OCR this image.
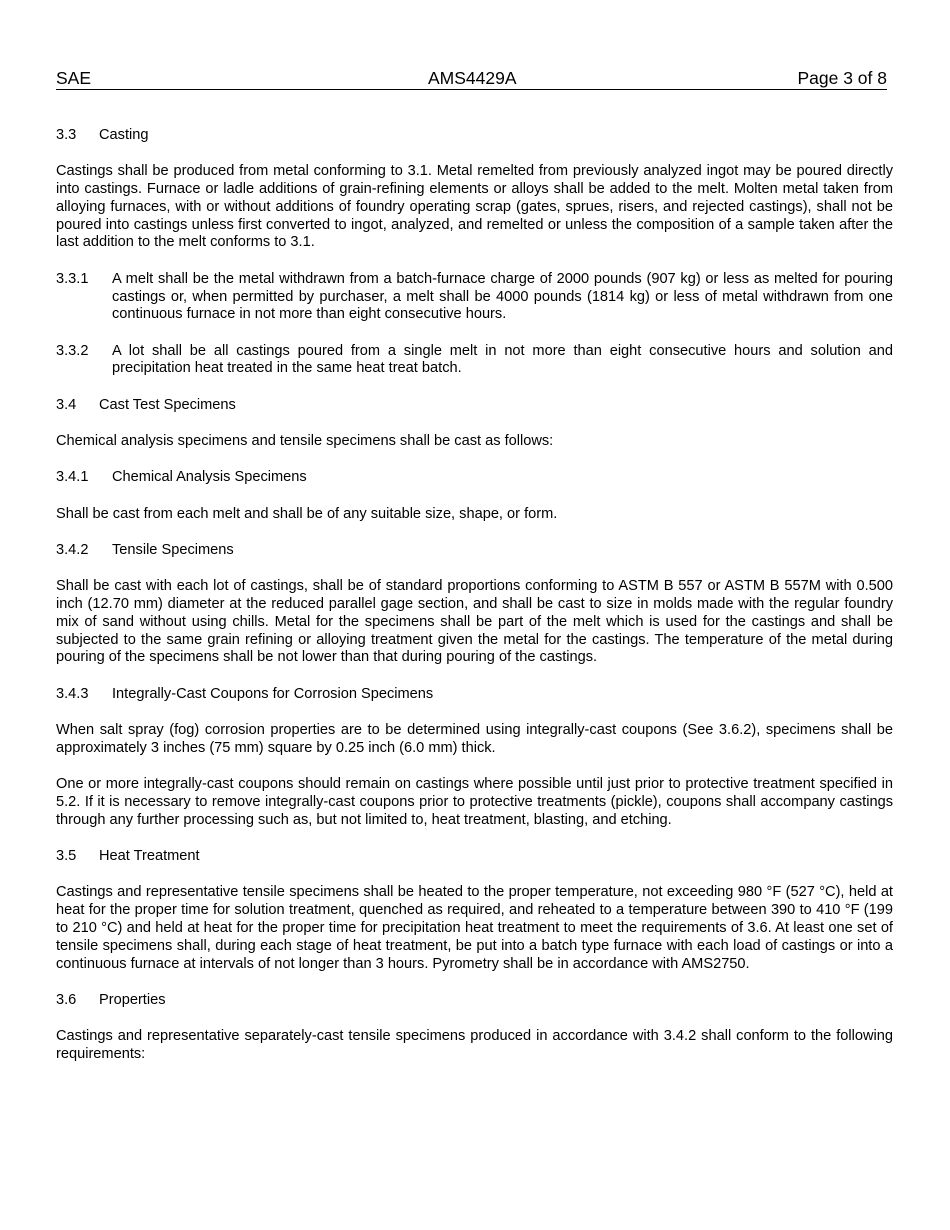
SAE	AMS4429A	Page 3 of 8
3.3	Casting
Castings shall be produced from metal conforming to 3.1. Metal remelted from previously analyzed ingot may be poured directly into castings. Furnace or ladle additions of grain-refining elements or alloys shall be added to the melt. Molten metal taken from alloying furnaces, with or without additions of foundry operating scrap (gates, sprues, risers, and rejected castings), shall not be poured into castings unless first converted to ingot, analyzed, and remelted or unless the composition of a sample taken after the last addition to the melt conforms to 3.1.
3.3.1	A melt shall be the metal withdrawn from a batch-furnace charge of 2000 pounds (907 kg) or less as melted for pouring castings or, when permitted by purchaser, a melt shall be 4000 pounds (1814 kg) or less of metal withdrawn from one continuous furnace in not more than eight consecutive hours.
3.3.2	A lot shall be all castings poured from a single melt in not more than eight consecutive hours and solution and precipitation heat treated in the same heat treat batch.
3.4	Cast Test Specimens
Chemical analysis specimens and tensile specimens shall be cast as follows:
3.4.1	Chemical Analysis Specimens
Shall be cast from each melt and shall be of any suitable size, shape, or form.
3.4.2	Tensile Specimens
Shall be cast with each lot of castings, shall be of standard proportions conforming to ASTM B 557 or ASTM B 557M with 0.500 inch (12.70 mm) diameter at the reduced parallel gage section, and shall be cast to size in molds made with the regular foundry mix of sand without using chills. Metal for the specimens shall be part of the melt which is used for the castings and shall be subjected to the same grain refining or alloying treatment given the metal for the castings. The temperature of the metal during pouring of the specimens shall be not lower than that during pouring of the castings.
3.4.3	Integrally-Cast Coupons for Corrosion Specimens
When salt spray (fog) corrosion properties are to be determined using integrally-cast coupons (See 3.6.2), specimens shall be approximately 3 inches (75 mm) square by 0.25 inch (6.0 mm) thick.
One or more integrally-cast coupons should remain on castings where possible until just prior to protective treatment specified in 5.2. If it is necessary to remove integrally-cast coupons prior to protective treatments (pickle), coupons shall accompany castings through any further processing such as, but not limited to, heat treatment, blasting, and etching.
3.5	Heat Treatment
Castings and representative tensile specimens shall be heated to the proper temperature, not exceeding 980 °F (527 °C), held at heat for the proper time for solution treatment, quenched as required, and reheated to a temperature between 390 to 410 °F (199 to 210 °C) and held at heat for the proper time for precipitation heat treatment to meet the requirements of 3.6. At least one set of tensile specimens shall, during each stage of heat treatment, be put into a batch type furnace with each load of castings or into a continuous furnace at intervals of not longer than 3 hours. Pyrometry shall be in accordance with AMS2750.
3.6	Properties
Castings and representative separately-cast tensile specimens produced in accordance with 3.4.2 shall conform to the following requirements:
